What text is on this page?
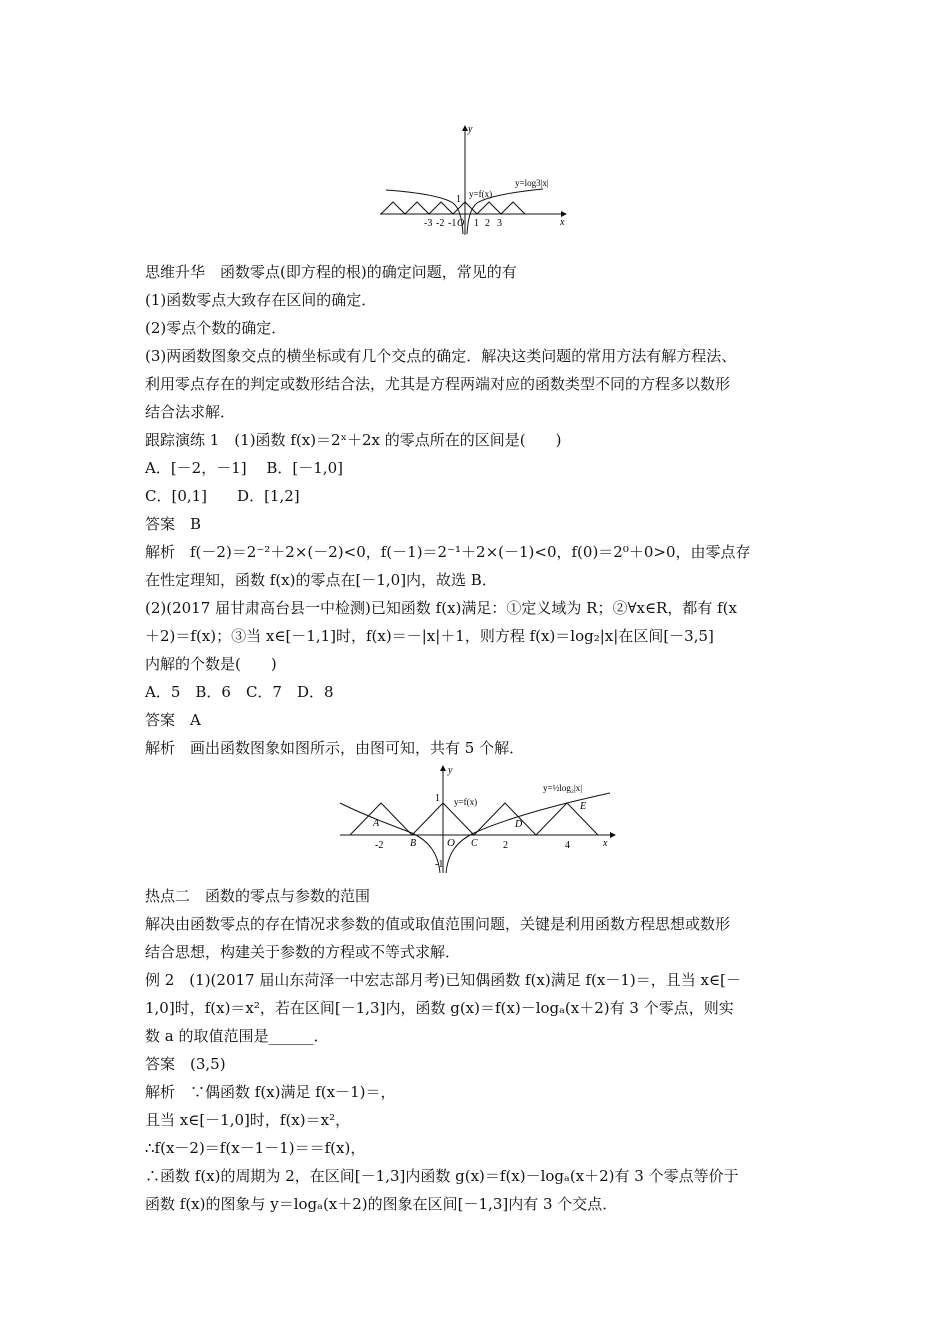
y
x
O
1 y=f(x)
y=log3|x|
-3 -2 -1 1 2 3
思维升华　函数零点(即方程的根)的确定问题，常见的有
(1)函数零点大致存在区间的确定．
(2)零点个数的确定．
(3)两函数图象交点的横坐标或有几个交点的确定．解决这类问题的常用方法有解方程法、
利用零点存在的判定或数形结合法，尤其是方程两端对应的函数类型不同的方程多以数形
结合法求解．
跟踪演练 1　(1)函数 f(x)＝2ˣ＋2x 的零点所在的区间是(　　)
A．[－2，－1]　 B．[－1,0]
C．[0,1]　　D．[1,2]
答案　B
解析　f(－2)＝2⁻²＋2×(－2)<0，f(－1)＝2⁻¹＋2×(－1)<0，f(0)＝2⁰＋0>0，由零点存
在性定理知，函数 f(x)的零点在[－1,0]内，故选 B．
(2)(2017 届甘肃高台县一中检测)已知函数 f(x)满足：①定义域为 R；②∀x∈R，都有 f(x
＋2)＝f(x)；③当 x∈[－1,1]时，f(x)＝－|x|＋1，则方程 f(x)＝log₂|x|在区间[－3,5]
内解的个数是(　　)
A．5　B．6　C．7　D．8
答案　A
解析　画出函数图象如图所示，由图可知，共有 5 个解．
y
x
O
1
-1
y=f(x)
y=½log₂|x|
-2	2	4
A
B	C
D
E
热点二　函数的零点与参数的范围
解决由函数零点的存在情况求参数的值或取值范围问题，关键是利用函数方程思想或数形
结合思想，构建关于参数的方程或不等式求解．
例 2　(1)(2017 届山东菏泽一中宏志部月考)已知偶函数 f(x)满足 f(x－1)＝，且当 x∈[－
1,0]时，f(x)＝x²，若在区间[－1,3]内，函数 g(x)＝f(x)－logₐ(x＋2)有 3 个零点，则实
数 a 的取值范围是______．
答案　(3,5)
解析　∵偶函数 f(x)满足 f(x－1)＝，
且当 x∈[－1,0]时，f(x)＝x²，
∴f(x－2)＝f(x－1－1)＝＝f(x)，
∴函数 f(x)的周期为 2，在区间[－1,3]内函数 g(x)＝f(x)－logₐ(x＋2)有 3 个零点等价于
函数 f(x)的图象与 y＝logₐ(x＋2)的图象在区间[－1,3]内有 3 个交点．
